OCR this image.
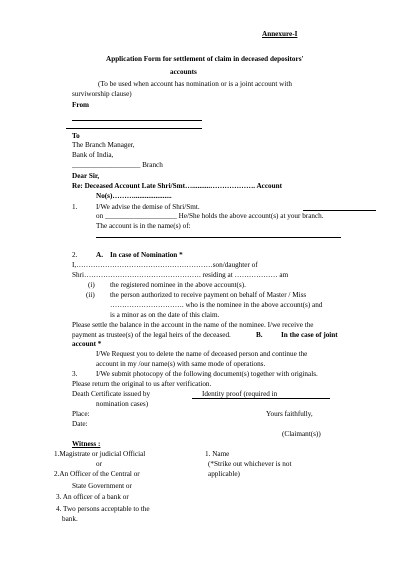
Annexure-I
Application Form for settlement of claim in deceased depositors'
accounts
(To be used when account has nomination or is a joint account with
surviworship clause)
From
To
The Branch Manager,
Bank of India,
___________________ Branch
Dear Sir,
Re: Deceased Account Late Shri/Smt…..........………………. Account
No(s)……….....................
1.	I/We advise the demise of Shri/Smt.
on ____________________ He/She holds the above account(s) at your branch.
The account is in the name(s) of:
2.	A. In case of Nomination *
I,…………………………………………………son/daughter of
Shri…………………………………………. residing at ……………… am
(i) the registered nominee in the above account(s).
(ii) the person authorized to receive payment on behalf of Master / Miss
…………………………. who is the nominee in the above account(s) and
is a minor as on the date of this claim.
Please settle the balance in the account in the name of the nominee. I/we receive the
payment as trustee(s) of the legal heirs of the deceased.	B.	In the case of joint
account *
I/We Request you to delete the name of deceased person and continue the
account in my /our name(s) with same mode of operations.
3.	I/We submit photocopy of the following document(s) together with originals.
Please return the original to us after verification.
Death Certificate issued by	Identity proof (required in
nomination cases)
Place:	Yours faithfully,
Date:
(Claimant(s))
Witness :
1.Magistrate or judicial Official
or
2.An Officer of the Central or
State Government or
3. An officer of a bank or
4. Two persons acceptable to the
bank.
1. Name
(*Strike out whichever is not
applicable)
